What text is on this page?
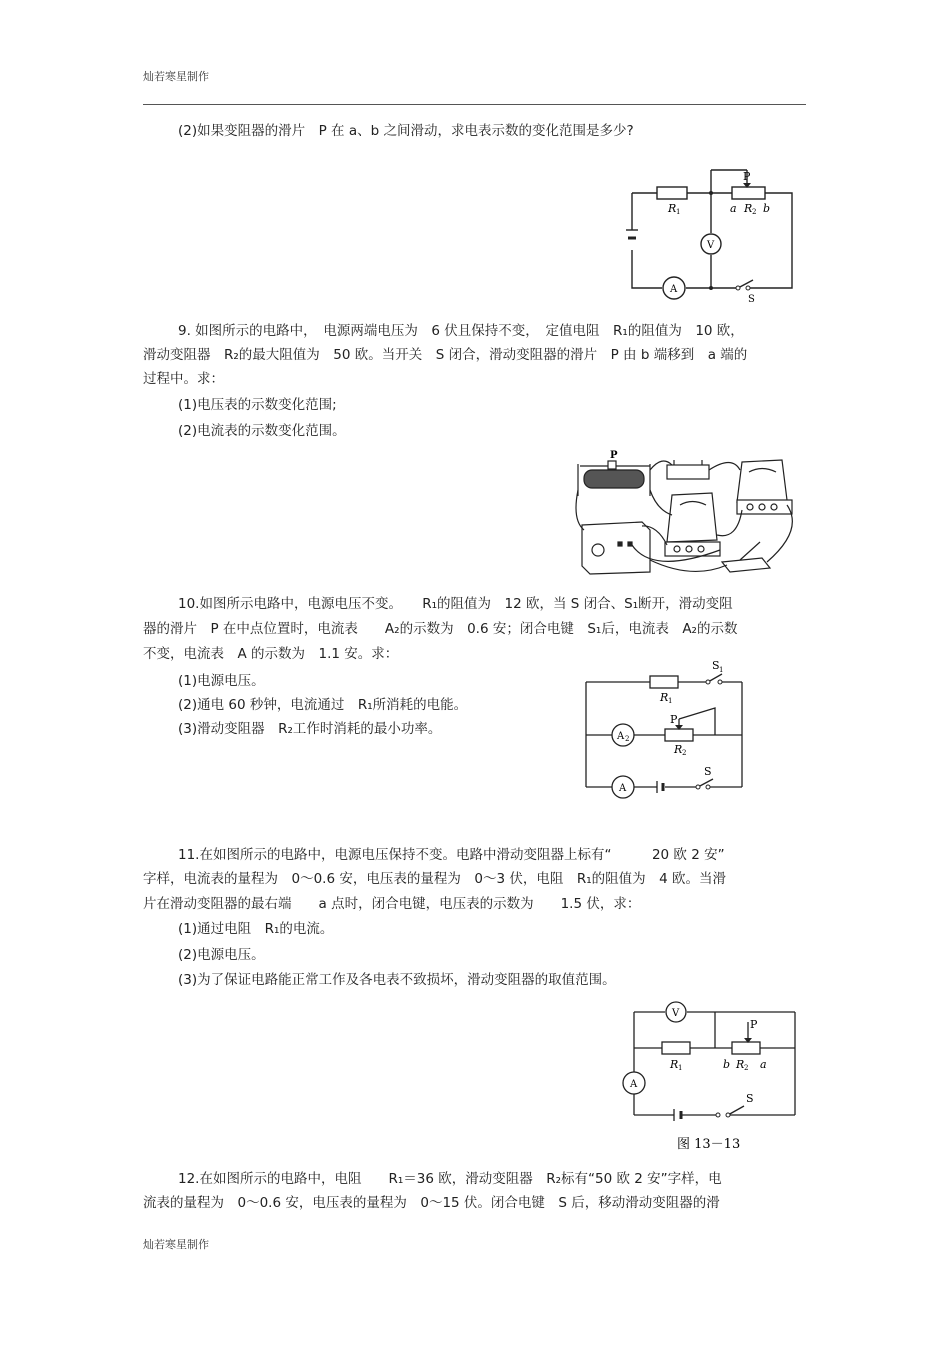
灿若寒星制作
(2)如果变阻器的滑片　P 在 a、b 之间滑动，求电表示数的变化范围是多少?
P
R 1	a R 2 b
V
A
S
9. 如图所示的电路中，　电源两端电压为　6 伏且保持不变，　定值电阻　R₁的阻值为　10 欧，
滑动变阻器　R₂的最大阻值为　50 欧。当开关　S 闭合，滑动变阻器的滑片　P 由 b 端移到　a 端的
过程中。求：
(1)电压表的示数变化范围;
(2)电流表的示数变化范围。
P
10.如图所示电路中，电源电压不变。　　R₁的阻值为　12 欧，当 S 闭合、S₁断开，滑动变阻
器的滑片　P 在中点位置时，电流表　　A₂的示数为　0.6 安；闭合电键　S₁后，电流表　A₂的示数
不变，电流表　A 的示数为　1.1 安。求：
(1)电源电压。
(2)通电 60 秒钟，电流通过　R₁所消耗的电能。
(3)滑动变阻器　R₂工作时消耗的最小功率。
S 1
R 1
P
R 2
A 2
A
S
11.在如图所示的电路中，电源电压保持不变。电路中滑动变阻器上标有“　　　20 欧 2 安”
字样，电流表的量程为　0～0.6 安，电压表的量程为　0～3 伏，电阻　R₁的阻值为　4 欧。当滑
片在滑动变阻器的最右端　　a 点时，闭合电键，电压表的示数为　　1.5 伏，求：
(1)通过电阻　R₁的电流。
(2)电源电压。
(3)为了保证电路能正常工作及各电表不致损坏，滑动变阻器的取值范围。
V
P
R 1	b R 2 a
A
S
图 13－13
12.在如图所示的电路中，电阻　　R₁＝36 欧，滑动变阻器　R₂标有“50 欧 2 安”字样，电
流表的量程为　0～0.6 安，电压表的量程为　0～15 伏。闭合电键　S 后，移动滑动变阻器的滑
灿若寒星制作
